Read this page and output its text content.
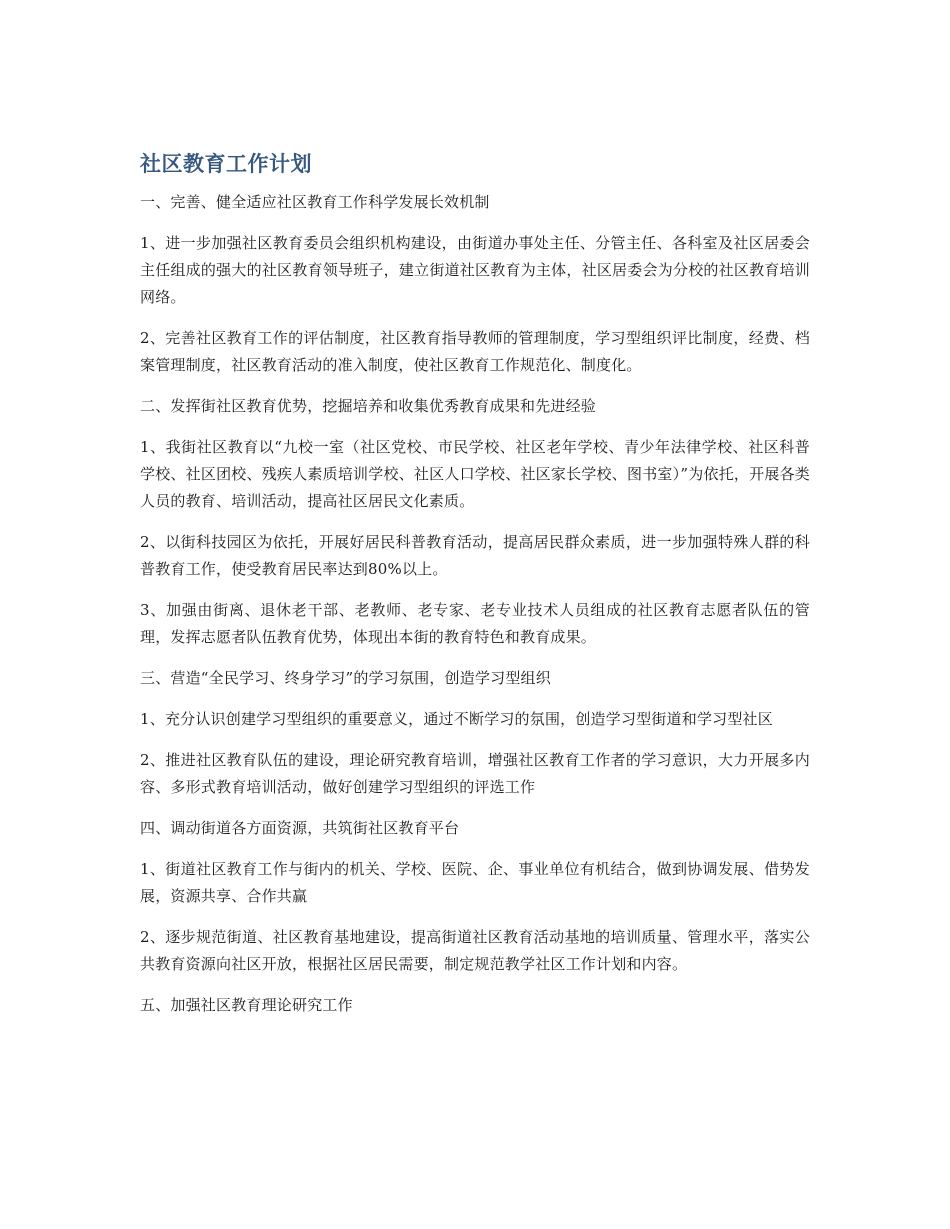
社区教育工作计划

一、完善、健全适应社区教育工作科学发展长效机制

1、进一步加强社区教育委员会组织机构建设，由街道办事处主任、分管主任、各科室及社区居委会主任组成的强大的社区教育领导班子，建立街道社区教育为主体，社区居委会为分校的社区教育培训网络。

2、完善社区教育工作的评估制度，社区教育指导教师的管理制度，学习型组织评比制度，经费、档案管理制度，社区教育活动的准入制度，使社区教育工作规范化、制度化。

二、发挥街社区教育优势，挖掘培养和收集优秀教育成果和先进经验

1、我街社区教育以“九校一室（社区党校、市民学校、社区老年学校、青少年法律学校、社区科普学校、社区团校、残疾人素质培训学校、社区人口学校、社区家长学校、图书室）”为依托，开展各类人员的教育、培训活动，提高社区居民文化素质。

2、以街科技园区为依托，开展好居民科普教育活动，提高居民群众素质，进一步加强特殊人群的科普教育工作，使受教育居民率达到80%以上。

3、加强由街离、退休老干部、老教师、老专家、老专业技术人员组成的社区教育志愿者队伍的管理，发挥志愿者队伍教育优势，体现出本街的教育特色和教育成果。

三、营造“全民学习、终身学习”的学习氛围，创造学习型组织

1、充分认识创建学习型组织的重要意义，通过不断学习的氛围，创造学习型街道和学习型社区

2、推进社区教育队伍的建设，理论研究教育培训，增强社区教育工作者的学习意识，大力开展多内容、多形式教育培训活动，做好创建学习型组织的评选工作

四、调动街道各方面资源，共筑街社区教育平台

1、街道社区教育工作与街内的机关、学校、医院、企、事业单位有机结合，做到协调发展、借势发展，资源共享、合作共赢

2、逐步规范街道、社区教育基地建设，提高街道社区教育活动基地的培训质量、管理水平，落实公共教育资源向社区开放，根据社区居民需要，制定规范教学社区工作计划和内容。

五、加强社区教育理论研究工作
